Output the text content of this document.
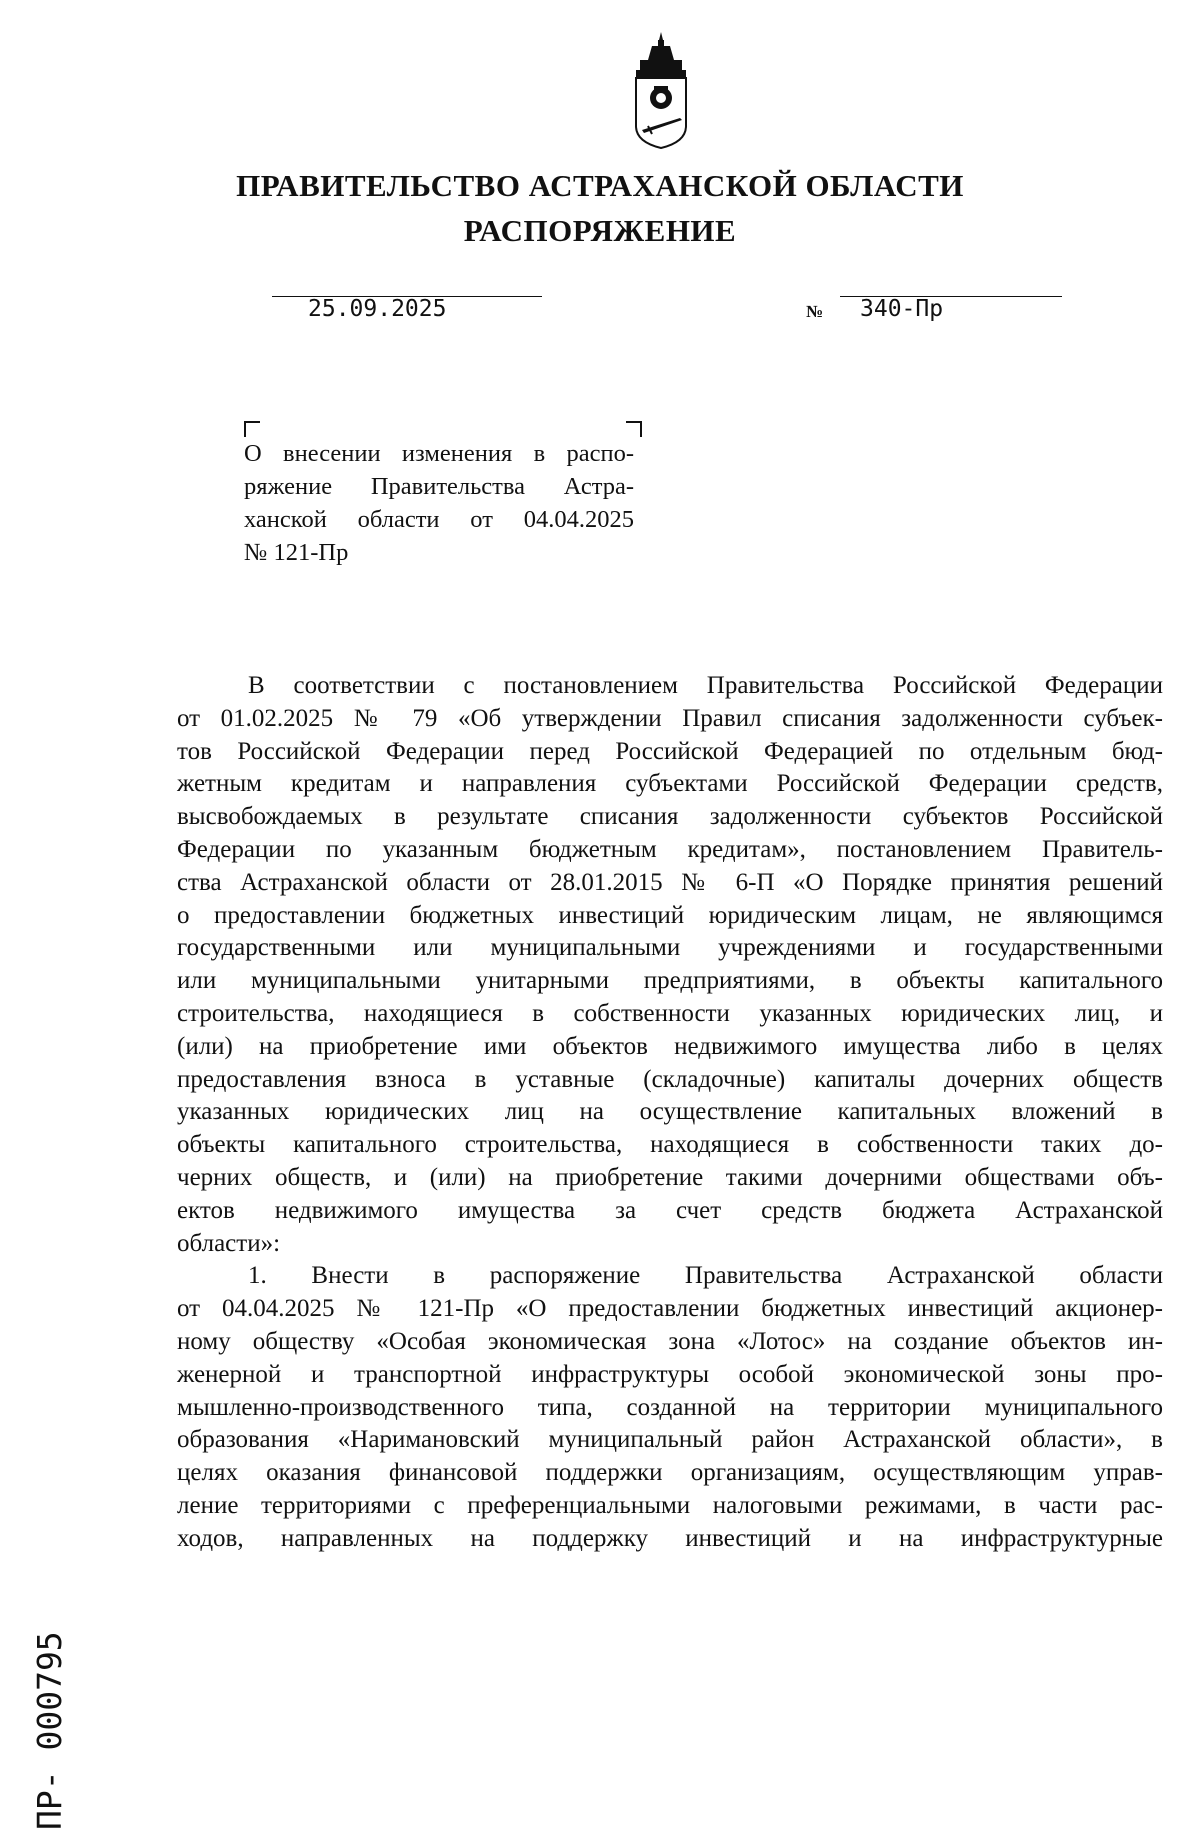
ПРАВИТЕЛЬСТВО АСТРАХАНСКОЙ ОБЛАСТИ
РАСПОРЯЖЕНИЕ
25.09.2025	№ 340-Пр
О внесении изменения в распо-
ряжение Правительства Астра-
ханской области от 04.04.2025
№ 121-Пр
В соответствии с постановлением Правительства Российской Федерации
от 01.02.2025 № 79 «Об утверждении Правил списания задолженности субъек-
тов Российской Федерации перед Российской Федерацией по отдельным бюд-
жетным кредитам и направления субъектами Российской Федерации средств,
высвобождаемых в результате списания задолженности субъектов Российской
Федерации по указанным бюджетным кредитам», постановлением Правитель-
ства Астраханской области от 28.01.2015 № 6-П «О Порядке принятия решений
о предоставлении бюджетных инвестиций юридическим лицам, не являющимся
государственными или муниципальными учреждениями и государственными
или муниципальными унитарными предприятиями, в объекты капитального
строительства, находящиеся в собственности указанных юридических лиц, и
(или) на приобретение ими объектов недвижимого имущества либо в целях
предоставления взноса в уставные (складочные) капиталы дочерних обществ
указанных юридических лиц на осуществление капитальных вложений в
объекты капитального строительства, находящиеся в собственности таких до-
черних обществ, и (или) на приобретение такими дочерними обществами объ-
ектов недвижимого имущества за счет средств бюджета Астраханской
области»:
1. Внести в распоряжение Правительства Астраханской области
от 04.04.2025 № 121-Пр «О предоставлении бюджетных инвестиций акционер-
ному обществу «Особая экономическая зона «Лотос» на создание объектов ин-
женерной и транспортной инфраструктуры особой экономической зоны про-
мышленно-производственного типа, созданной на территории муниципального
образования «Наримановский муниципальный район Астраханской области», в
целях оказания финансовой поддержки организациям, осуществляющим управ-
ление территориями с преференциальными налоговыми режимами, в части рас-
ходов, направленных на поддержку инвестиций и на инфраструктурные
ПР- 000795
